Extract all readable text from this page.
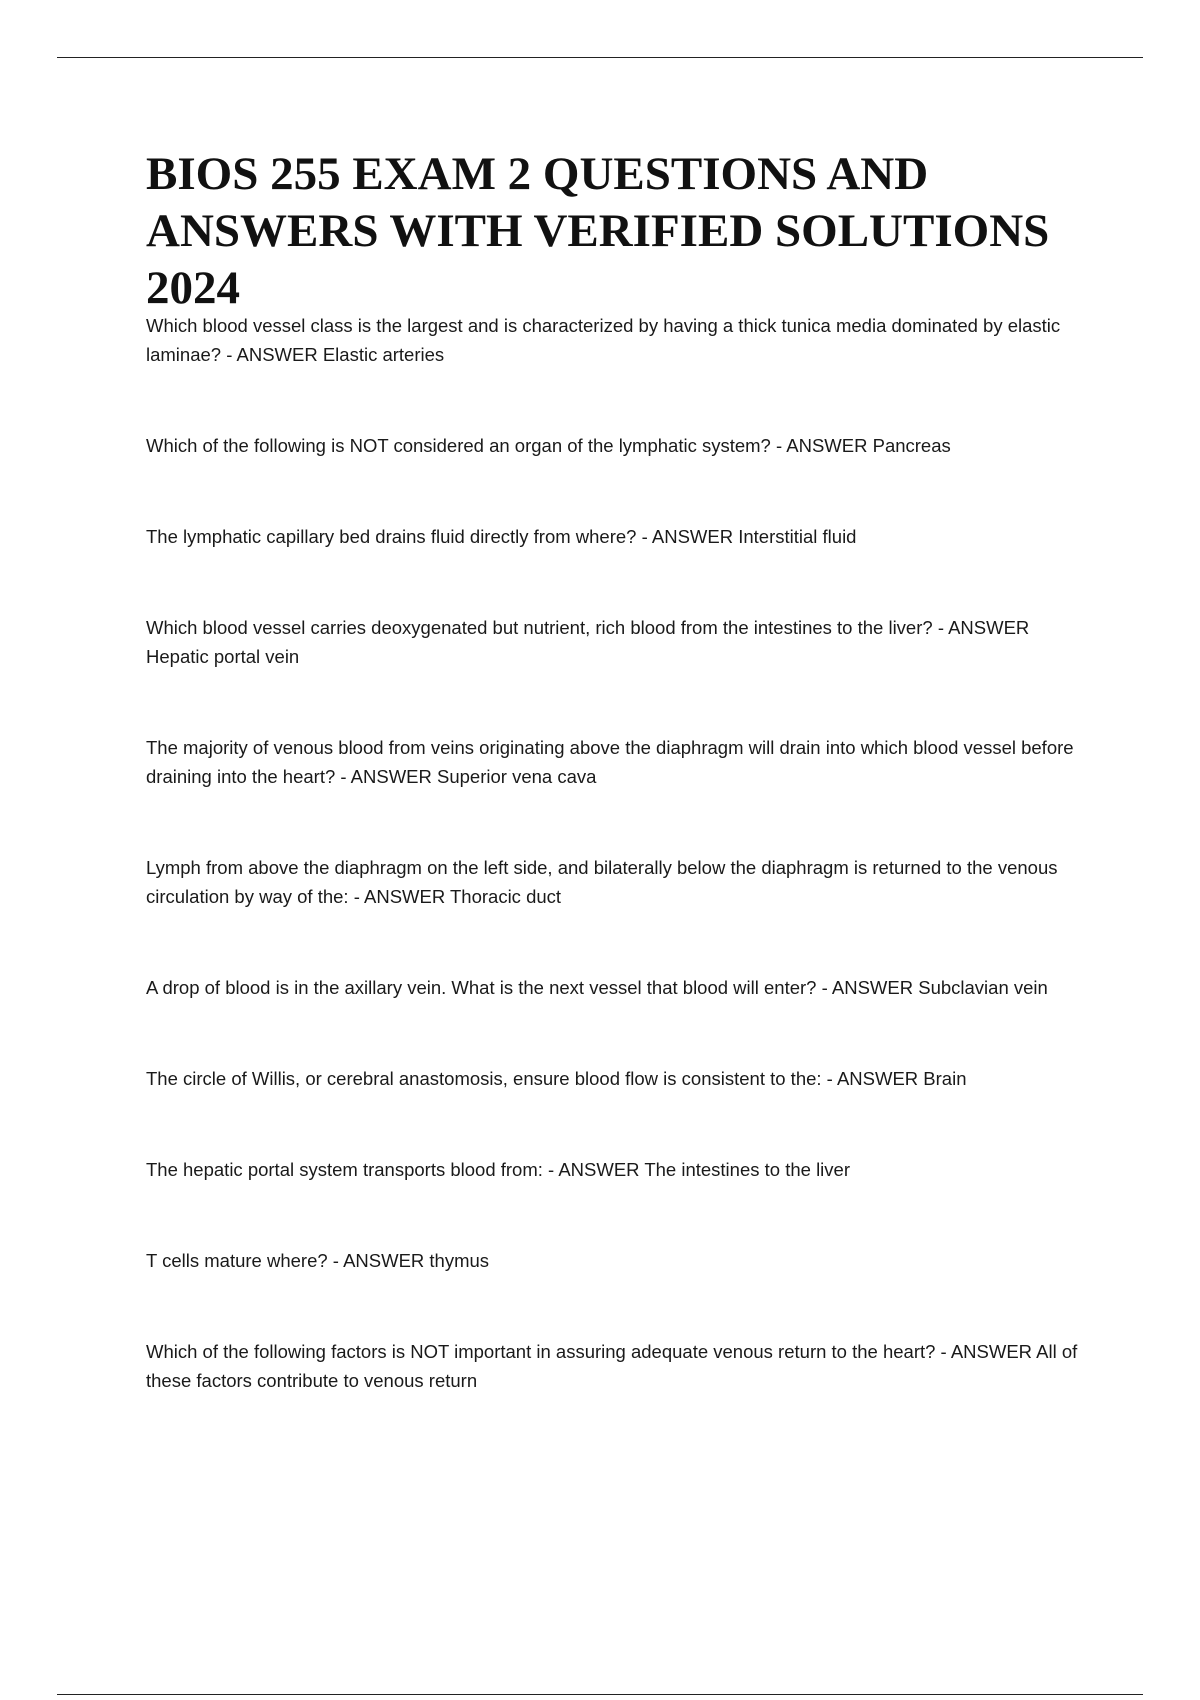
BIOS 255 EXAM 2 QUESTIONS AND ANSWERS WITH VERIFIED SOLUTIONS 2024
Which blood vessel class is the largest and is characterized by having a thick tunica media dominated by elastic laminae? - ANSWER Elastic arteries
Which of the following is NOT considered an organ of the lymphatic system? - ANSWER Pancreas
The lymphatic capillary bed drains fluid directly from where? - ANSWER Interstitial fluid
Which blood vessel carries deoxygenated but nutrient, rich blood from the intestines to the liver? - ANSWER Hepatic portal vein
The majority of venous blood from veins originating above the diaphragm will drain into which blood vessel before draining into the heart? - ANSWER Superior vena cava
Lymph from above the diaphragm on the left side, and bilaterally below the diaphragm is returned to the venous circulation by way of the: - ANSWER Thoracic duct
A drop of blood is in the axillary vein. What is the next vessel that blood will enter? - ANSWER Subclavian vein
The circle of Willis, or cerebral anastomosis, ensure blood flow is consistent to the: - ANSWER Brain
The hepatic portal system transports blood from: - ANSWER The intestines to the liver
T cells mature where? - ANSWER thymus
Which of the following factors is NOT important in assuring adequate venous return to the heart? - ANSWER All of these factors contribute to venous return
